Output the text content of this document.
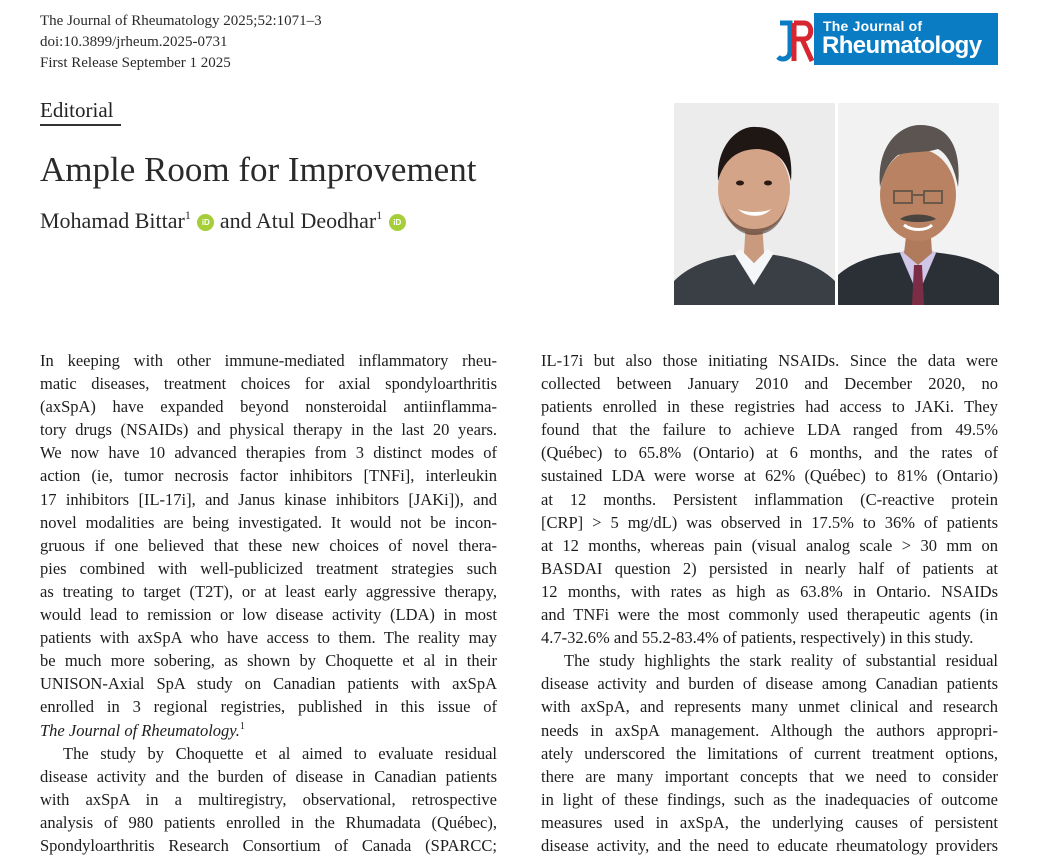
The Journal of Rheumatology 2025;52:1071–3
doi:10.3899/jrheum.2025-0731
First Release September 1 2025
The Journal of
Rheumatology
Editorial
Ample Room for Improvement
Mohamad Bittar$^1$ iD and Atul Deodhar$^1$ iD
In keeping with other immune-mediated inflammatory rheu-
matic diseases, treatment choices for axial spondyloarthritis
(axSpA) have expanded beyond nonsteroidal antiinflamma-
tory drugs (NSAIDs) and physical therapy in the last 20 years.
We now have 10 advanced therapies from 3 distinct modes of
action (ie, tumor necrosis factor inhibitors [TNFi], interleukin
17 inhibitors [IL-17i], and Janus kinase inhibitors [JAKi]), and
novel modalities are being investigated. It would not be incon-
gruous if one believed that these new choices of novel thera-
pies combined with well-publicized treatment strategies such
as treating to target (T2T), or at least early aggressive therapy,
would lead to remission or low disease activity (LDA) in most
patients with axSpA who have access to them. The reality may
be much more sobering, as shown by Choquette et al in their
UNISON-Axial SpA study on Canadian patients with axSpA
enrolled in 3 regional registries, published in this issue of
The Journal of Rheumatology.$^1$
The study by Choquette et al aimed to evaluate residual
disease activity and the burden of disease in Canadian patients
with axSpA in a multiregistry, observational, retrospective
analysis of 980 patients enrolled in the Rhumadata (Québec),
Spondyloarthritis Research Consortium of Canada (SPARCC;
IL-17i but also those initiating NSAIDs. Since the data were
collected between January 2010 and December 2020, no
patients enrolled in these registries had access to JAKi. They
found that the failure to achieve LDA ranged from 49.5%
(Québec) to 65.8% (Ontario) at 6 months, and the rates of
sustained LDA were worse at 62% (Québec) to 81% (Ontario)
at 12 months. Persistent inflammation (C-reactive protein
[CRP] > 5 mg/dL) was observed in 17.5% to 36% of patients
at 12 months, whereas pain (visual analog scale > 30 mm on
BASDAI question 2) persisted in nearly half of patients at
12 months, with rates as high as 63.8% in Ontario. NSAIDs
and TNFi were the most commonly used therapeutic agents (in
4.7-32.6% and 55.2-83.4% of patients, respectively) in this study.
The study highlights the stark reality of substantial residual
disease activity and burden of disease among Canadian patients
with axSpA, and represents many unmet clinical and research
needs in axSpA management. Although the authors appropri-
ately underscored the limitations of current treatment options,
there are many important concepts that we need to consider
in light of these findings, such as the inadequacies of outcome
measures used in axSpA, the underlying causes of persistent
disease activity, and the need to educate rheumatology providers
